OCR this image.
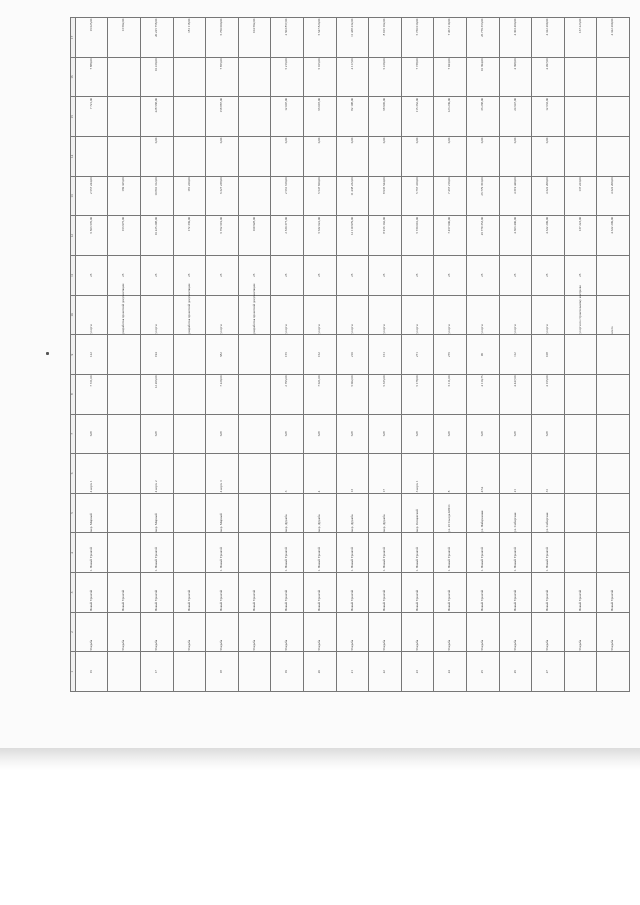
1	2	3	4	5	6	7	8	9	10	11	12	13	14	15	16	17
16	Усадьба	Новый Уренгой	1. Новый Уренгой	мкр. Мирный	4 корп. 1	628	7 721,00	122	услуги	25	6 503 570,00	2 557 244,00		7 721,00	7 889,00	16 025,00
	Усадьба	Новый Уренгой							разработка проектной документации	25	163 975,00	169 325,00				13 692,00
17	Усадьба	Новый Уренгой	1. Новый Уренгой	мкр. Мирный	4 корп. 2	628	12 206,00	194	услуги	25	10 225 298,00	10 801 312,00	0,00	228 568,00	10 419,00	20 225 758,00
	Усадьба	Новый Уренгой							разработка проектной документации	25	172 339,00	181 220,00				181 118,00
18	Усадьба	Новый Уренгой	1. Новый Уренгой	мкр. Мирный	4 корп. 3	628	7 229,00	582	услуги	25	6 762 619,00	6 327 238,00	0,00	158 887,00	7 855,00	6 760 000,00
	Усадьба	Новый Уренгой							разработка проектной документации	25	109 928,00					104 592,00
19	Усадьба	Новый Уренгой	1. Новый Уренгой	мкр. Дружба	3	628	2 795,00	155	услуги	25	2 530 377,00	2 561 619,00	0,00	12 007,00	5 216,00	2 503 857,00
20	Усадьба	Новый Уренгой	1. Новый Уренгой	мкр. Дружба	4	628	7 021,00	162	услуги	25	5 632 022,00	5 547 820,00	0,00	66 018,00	5 015,00	5 547 820,00
21	Усадьба	Новый Уренгой	1. Новый Уренгой	мкр. Дружба	13	628	5 002,00	210	услуги	25	12 119 979,00	11 438 232,00	0,00	82 198,00	4 117,00	11 438 232,00
22	Усадьба	Новый Уренгой	1. Новый Уренгой	мкр. Дружба	17	628	5 335,00	161	услуги	25	8 916 102,00	8 935 544,00	0,00	68 905,00	5 419,00	8 916 102,00
23	Усадьба	Новый Уренгой	1. Новый Уренгой	мкр. Репцевский	3 корп. 1	628	5 178,00	271	услуги	25	5 730 010,00	5 767 410,00	0,00	115 362,00	7 738,00	5 730 010,00
24	Усадьба	Новый Уренгой	1. Новый Уренгой	ул. 26 Съезда КПСС	8	628	6 111,00	276	услуги	25	7 457 000,00	7 467 219,00	0,00	123 239,00	7 943,00	7 467 219,00
25	Усадьба	Новый Уренгой	1. Новый Уренгой	ул. Набережная	47А	628	4 110,75	96	услуги	25	26 779 353,00	26 779 353,00	0,00	36 268,00	10 394,00	26 779 353,00
26	Усадьба	Новый Уренгой	1. Новый Уренгой	ул. Сибирская	21	628	4 447,00	112	услуги	25	4 303 400,00	4 319 440,00	0,00	24 647,00	4 398,00	4 303 400,00
27	Усадьба	Новый Уренгой	1. Новый Уренгой	ул. Сибирская	31	628	4 165,00	108	услуги	25	4 322 209,00	4 322 209,00	0,00	12 633,00	4 497,00	4 322 209,00
	Усадьба	Новый Уренгой							услуги по строительному контролю	25	137 223,00	137 223,00				137 223,00
	Усадьба	Новый Уренгой							всего		4 322 209,00	4 322 209,00				4 322 209,00
